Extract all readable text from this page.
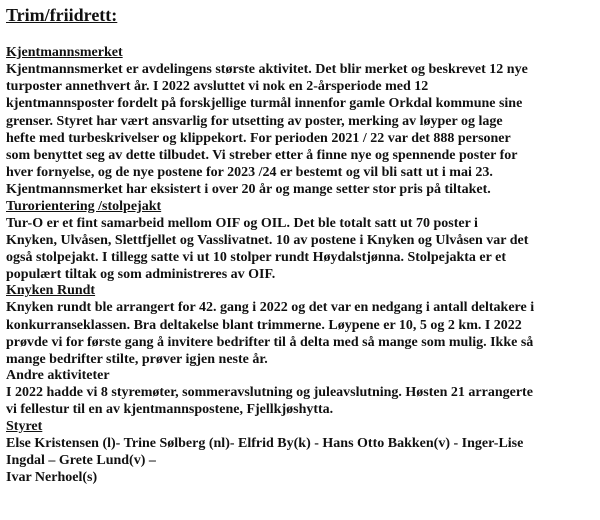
Trim/friidrett:
Kjentmannsmerket
Kjentmannsmerket er avdelingens største aktivitet. Det blir merket og beskrevet 12 nye
turposter annethvert år. I 2022 avsluttet vi nok en 2-årsperiode med 12
kjentmannsposter fordelt på forskjellige turmål innenfor gamle Orkdal kommune sine
grenser. Styret har vært ansvarlig for utsetting av poster, merking av løyper og lage
hefte med turbeskrivelser og klippekort. For perioden 2021 / 22 var det 888 personer
som benyttet seg av dette tilbudet. Vi streber etter å finne nye og spennende poster for
hver fornyelse, og de nye postene for 2023 /24 er bestemt og vil bli satt ut i mai 23.
Kjentmannsmerket har eksistert i over 20 år og mange setter stor pris på tiltaket.
Turorientering /stolpejakt
Tur-O er et fint samarbeid mellom OIF og OIL. Det ble totalt satt ut 70 poster i
Knyken, Ulvåsen, Slettfjellet og Vasslivatnet. 10 av postene i Knyken og Ulvåsen var det
også stolpejakt. I tillegg satte vi ut 10 stolper rundt Høydalstjønna. Stolpejakta er et
populært tiltak og som administreres av OIF.
Knyken Rundt
Knyken rundt ble arrangert for 42. gang i 2022 og det var en nedgang i antall deltakere i
konkurranseklassen. Bra deltakelse blant trimmerne. Løypene er 10, 5 og 2 km. I 2022
prøvde vi for første gang å invitere bedrifter til å delta med så mange som mulig. Ikke så
mange bedrifter stilte, prøver igjen neste år.
Andre aktiviteter
I 2022 hadde vi 8 styremøter, sommeravslutning og juleavslutning. Høsten 21 arrangerte
vi fellestur til en av kjentmannspostene, Fjellkjøshytta.
Styret
Else Kristensen (l)- Trine Sølberg (nl)- Elfrid By(k) - Hans Otto Bakken(v) - Inger-Lise
Ingdal – Grete Lund(v) –
Ivar Nerhoel(s)
